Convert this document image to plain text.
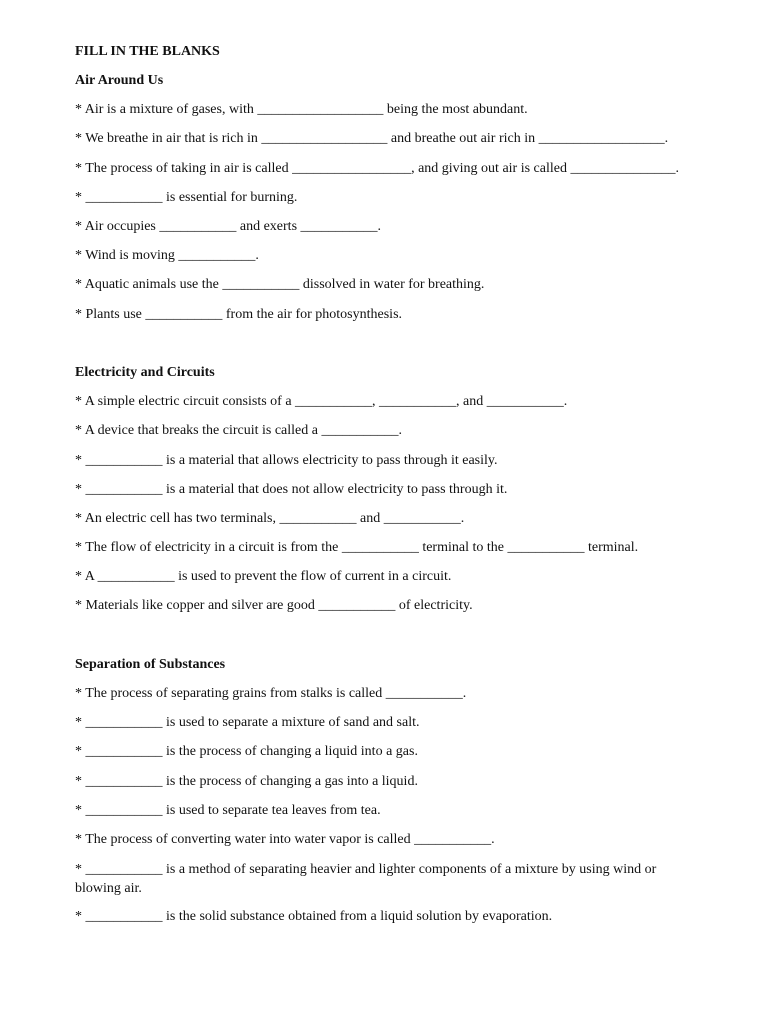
FILL IN THE BLANKS
Air Around Us
* Air is a mixture of gases, with __________________ being the most abundant.
* We breathe in air that is rich in __________________ and breathe out air rich in __________________.
* The process of taking in air is called _________________, and giving out air is called _______________.
* ___________ is essential for burning.
* Air occupies ___________ and exerts ___________.
* Wind is moving ___________.
* Aquatic animals use the ___________ dissolved in water for breathing.
* Plants use ___________ from the air for photosynthesis.
Electricity and Circuits
* A simple electric circuit consists of a ___________, ___________, and ___________.
* A device that breaks the circuit is called a ___________.
* ___________ is a material that allows electricity to pass through it easily.
* ___________ is a material that does not allow electricity to pass through it.
* An electric cell has two terminals, ___________ and ___________.
* The flow of electricity in a circuit is from the ___________ terminal to the ___________ terminal.
* A ___________ is used to prevent the flow of current in a circuit.
* Materials like copper and silver are good ___________ of electricity.
Separation of Substances
* The process of separating grains from stalks is called ___________.
* ___________ is used to separate a mixture of sand and salt.
* ___________ is the process of changing a liquid into a gas.
* ___________ is the process of changing a gas into a liquid.
* ___________ is used to separate tea leaves from tea.
* The process of converting water into water vapor is called ___________.
* ___________ is a method of separating heavier and lighter components of a mixture by using wind or blowing air.
* ___________ is the solid substance obtained from a liquid solution by evaporation.
